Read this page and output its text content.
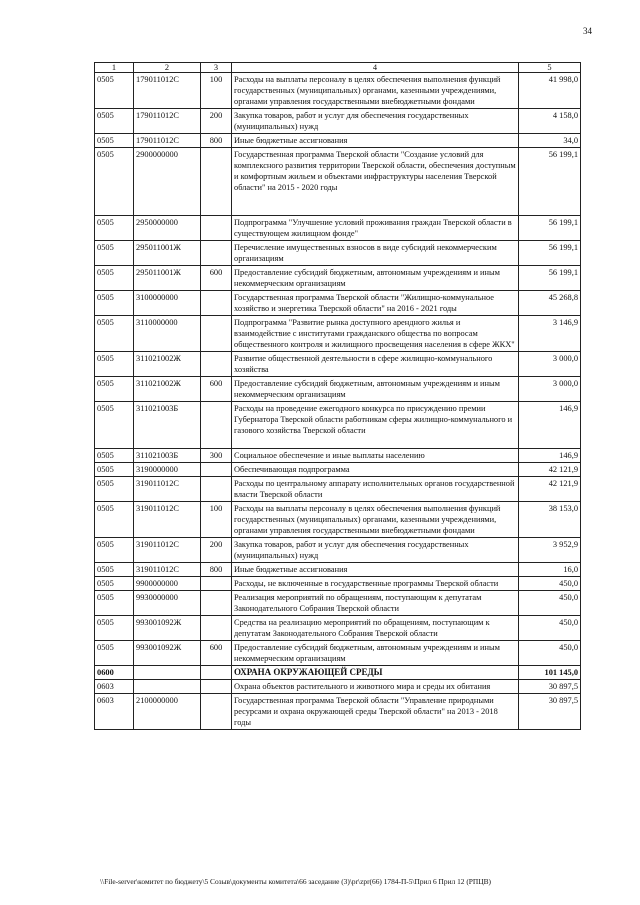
34
1	2	3	4	5
0505	179011012С	100	Расходы на выплаты персоналу в целях обеспечения выполнения функций государственных (муниципальных) органами, казенными учреждениями, органами управления государственными внебюджетными фондами	41 998,0
0505	179011012С	200	Закупка товаров, работ и услуг для обеспечения государственных (муниципальных) нужд	4 158,0
0505	179011012С	800	Иные бюджетные ассигнования	34,0
0505	2900000000		Государственная программа Тверской области "Создание условий для комплексного развития территории Тверской области, обеспечения доступным и комфортным жильем и объектами инфраструктуры населения Тверской области" на 2015 - 2020 годы	56 199,1
0505	2950000000		Подпрограмма "Улучшение условий проживания граждан Тверской области в существующем жилищном фонде"	56 199,1
0505	295011001Ж		Перечисление имущественных взносов в виде субсидий некоммерческим организациям	56 199,1
0505	295011001Ж	600	Предоставление субсидий бюджетным, автономным учреждениям и иным некоммерческим организациям	56 199,1
0505	3100000000		Государственная программа Тверской области "Жилищно-коммунальное хозяйство и энергетика Тверской области" на 2016 - 2021 годы	45 268,8
0505	3110000000		Подпрограмма "Развитие рынка доступного арендного жилья и взаимодействие с институтами гражданского общества по вопросам общественного контроля и жилищного просвещения населения в сфере ЖКХ"	3 146,9
0505	311021002Ж		Развитие общественной деятельности в сфере жилищно-коммунального хозяйства	3 000,0
0505	311021002Ж	600	Предоставление субсидий бюджетным, автономным учреждениям и иным некоммерческим организациям	3 000,0
0505	311021003Б		Расходы на проведение ежегодного конкурса по присуждению премии Губернатора Тверской области работникам сферы жилищно-коммунального и газового хозяйства Тверской области	146,9
0505	311021003Б	300	Социальное обеспечение и иные выплаты населению	146,9
0505	3190000000		Обеспечивающая подпрограмма	42 121,9
0505	319011012С		Расходы по центральному аппарату исполнительных органов государственной власти Тверской области	42 121,9
0505	319011012С	100	Расходы на выплаты персоналу в целях обеспечения выполнения функций государственных (муниципальных) органами, казенными учреждениями, органами управления государственными внебюджетными фондами	38 153,0
0505	319011012С	200	Закупка товаров, работ и услуг для обеспечения государственных (муниципальных) нужд	3 952,9
0505	319011012С	800	Иные бюджетные ассигнования	16,0
0505	9900000000		Расходы, не включенные в государственные программы Тверской области	450,0
0505	9930000000		Реализация мероприятий по обращениям, поступающим к депутатам Законодательного Собрания Тверской области	450,0
0505	993001092Ж		Средства на реализацию мероприятий по обращениям, поступающим к депутатам Законодательного Собрания Тверской области	450,0
0505	993001092Ж	600	Предоставление субсидий бюджетным, автономным учреждениям и иным некоммерческим организациям	450,0
0600			ОХРАНА ОКРУЖАЮЩЕЙ СРЕДЫ	101 145,0
0603			Охрана объектов растительного и животного мира и среды их обитания	30 897,5
0603	2100000000		Государственная программа Тверской области "Управление природными ресурсами и охрана окружающей среды Тверской области" на 2013 - 2018 годы	30 897,5
\\File-server\комитет по бюджету\5 Созыв\документы комитета\66 заседание (3)\pr\zpr(66) 1784-П-5\Прил 6 Прил 12 (РПЦВ)
